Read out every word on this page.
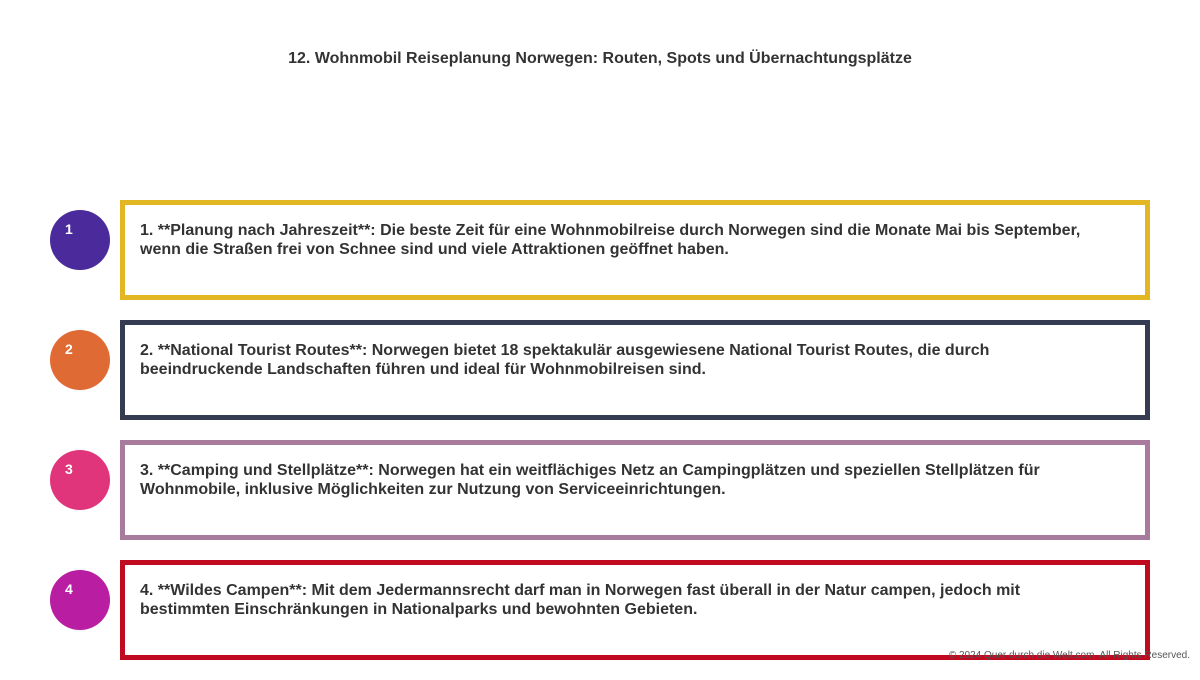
12. Wohnmobil Reiseplanung Norwegen: Routen, Spots und Übernachtungsplätze
1	1. **Planung nach Jahreszeit**: Die beste Zeit für eine Wohnmobilreise durch Norwegen sind die Monate Mai bis September, wenn die Straßen frei von Schnee sind und viele Attraktionen geöffnet haben.
2	2. **National Tourist Routes**: Norwegen bietet 18 spektakulär ausgewiesene National Tourist Routes, die durch beeindruckende Landschaften führen und ideal für Wohnmobilreisen sind.
3	3. **Camping und Stellplätze**: Norwegen hat ein weitflächiges Netz an Campingplätzen und speziellen Stellplätzen für Wohnmobile, inklusive Möglichkeiten zur Nutzung von Serviceeinrichtungen.
4	4. **Wildes Campen**: Mit dem Jedermannsrecht darf man in Norwegen fast überall in der Natur campen, jedoch mit bestimmten Einschränkungen in Nationalparks und bewohnten Gebieten.
© 2024 Quer durch die Welt.com. All Rights Reserved.
